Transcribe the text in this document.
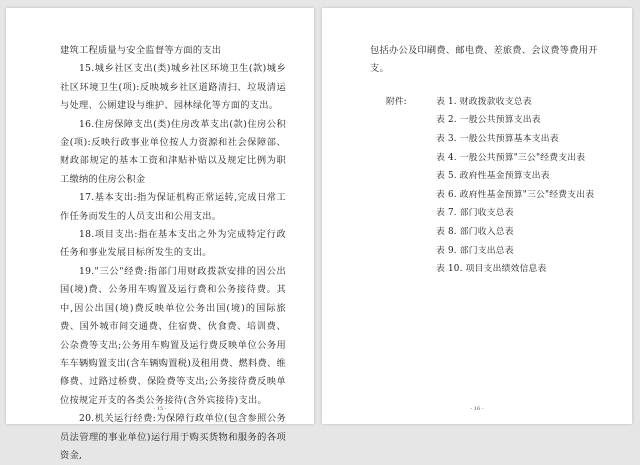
建筑工程质量与安全监督等方面的支出

15.城乡社区支出(类)城乡社区环境卫生(款)城乡社区环境卫生(项):反映城乡社区道路清扫、垃圾清运与处理、公厕建设与维护、园林绿化等方面的支出。

16.住房保障支出(类)住房改革支出(款)住房公积金(项):反映行政事业单位按人力资源和社会保障部、财政部规定的基本工资和津贴补贴以及规定比例为职工缴纳的住房公积金

17.基本支出:指为保证机构正常运转,完成日常工作任务而发生的人员支出和公用支出。

18.项目支出:指在基本支出之外为完成特定行政任务和事业发展目标所发生的支出。

19."三公"经费:指部门用财政拨款安排的因公出国(境)费、公务用车购置及运行费和公务接待费。其中,因公出国(境)费反映单位公务出国(境)的国际旅费、国外城市间交通费、住宿费、伙食费、培训费、公杂费等支出;公务用车购置及运行费反映单位公务用车车辆购置支出(含车辆购置税)及租用费、燃料费、维修费、过路过桥费、保险费等支出;公务接待费反映单位按规定开支的各类公务接待(含外宾接待)支出。

20.机关运行经费:为保障行政单位(包含参照公务员法管理的事业单位)运行用于购买货物和服务的各项资金,

- 15 -

包括办公及印刷费、邮电费、差旅费、会议费等费用开支。

附件:	表 1. 财政拨款收支总表
表 2. 一般公共预算支出表
表 3. 一般公共预算基本支出表
表 4. 一般公共预算"三公"经费支出表
表 5. 政府性基金预算支出表
表 6. 政府性基金预算"三公"经费支出表
表 7. 部门收支总表
表 8. 部门收入总表
表 9. 部门支出总表
表 10. 项目支出绩效信息表
- 16 -
